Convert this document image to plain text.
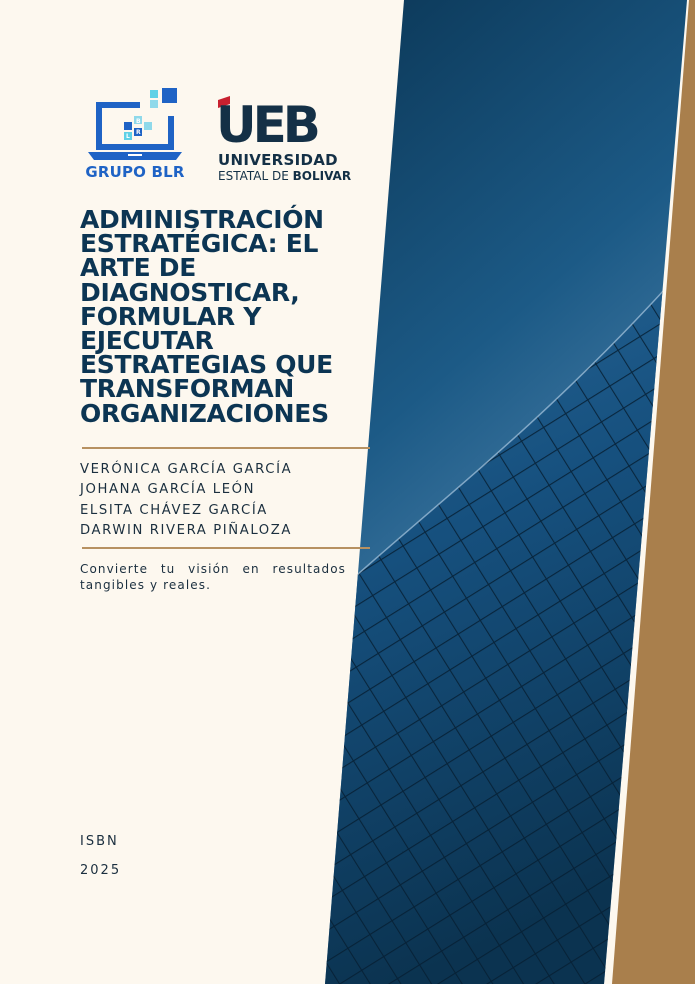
B
L
R
GRUPO BLR
UEB
UNIVERSIDAD
ESTATAL DE BOLIVAR
ADMINISTRACIÓN ESTRATÉGICA: EL ARTE DE DIAGNOSTICAR, FORMULAR Y EJECUTAR ESTRATEGIAS QUE TRANSFORMAN ORGANIZACIONES
VERÓNICA GARCÍA GARCÍA
JOHANA GARCÍA LEÓN
ELSITA CHÁVEZ GARCÍA
DARWIN RIVERA PIÑALOZA

Convierte tu visión en resultados tangibles y reales.

ISBN
2025
